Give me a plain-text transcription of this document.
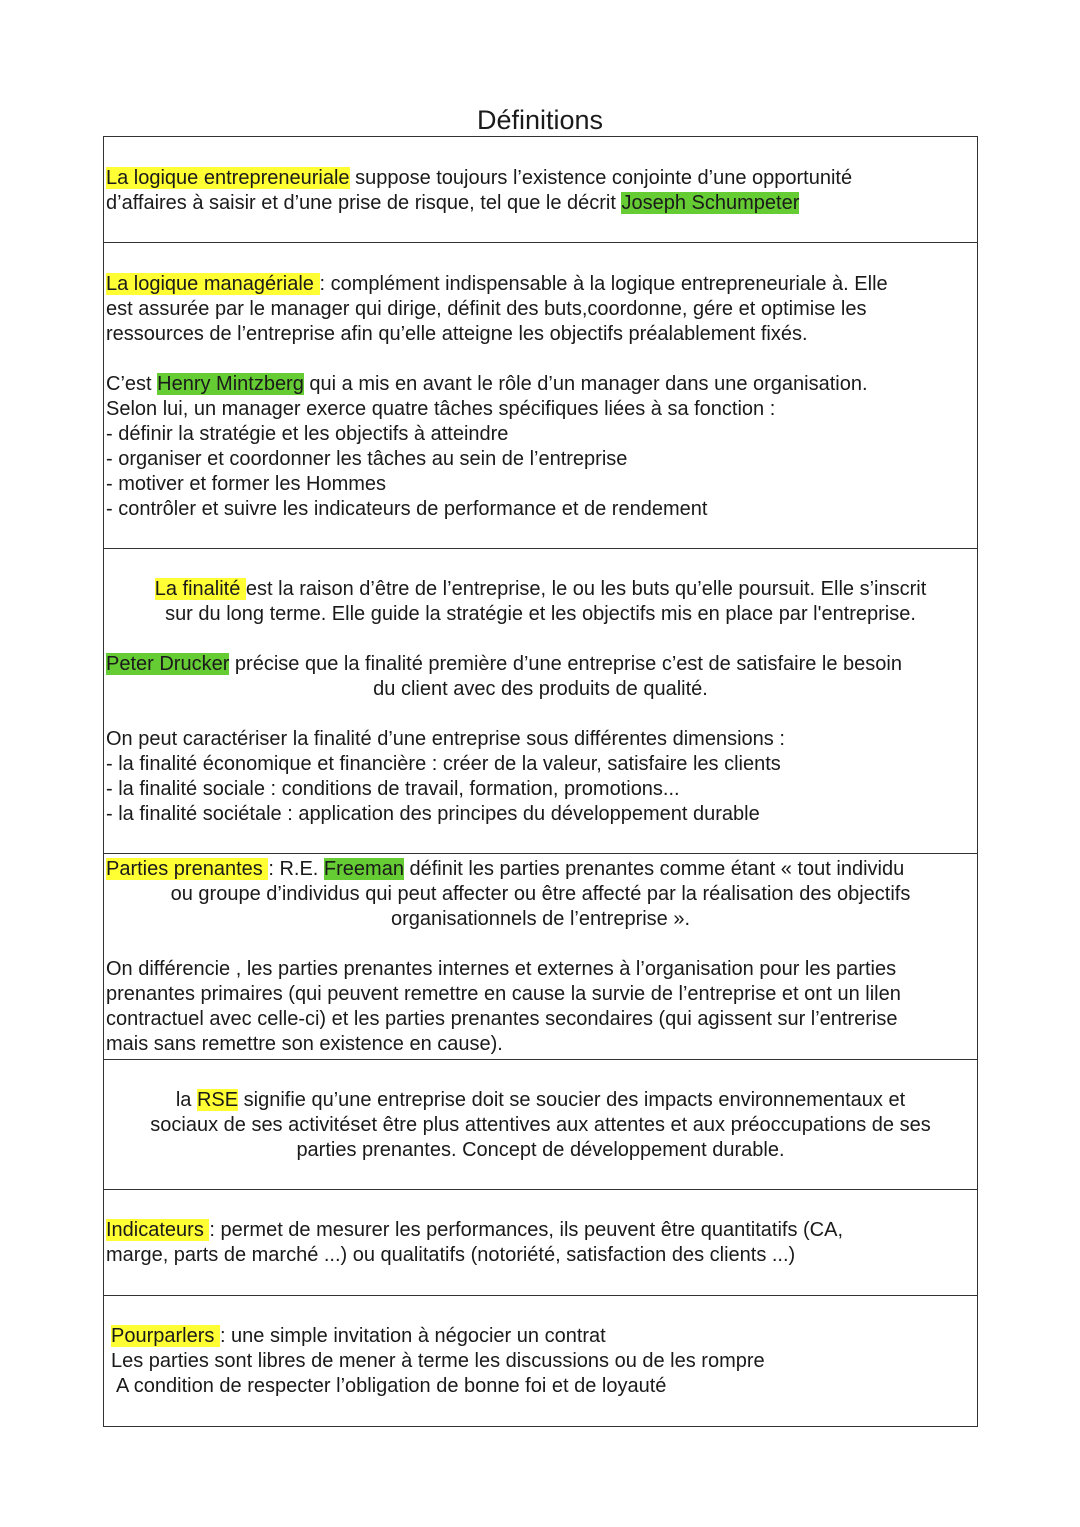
Définitions
La logique entrepreneuriale suppose toujours l’existence conjointe d’une opportunité
d’affaires à saisir et d’une prise de risque, tel que le décrit Joseph Schumpeter
La logique managériale : complément indispensable à la logique entrepreneuriale à. Elle
est assurée par le manager qui dirige, définit des buts,coordonne, gére et optimise les
ressources de l’entreprise afin qu’elle atteigne les objectifs préalablement fixés.
C’est Henry Mintzberg qui a mis en avant le rôle d’un manager dans une organisation.
Selon lui, un manager exerce quatre tâches spécifiques liées à sa fonction :
- définir la stratégie et les objectifs à atteindre
- organiser et coordonner les tâches au sein de l’entreprise
- motiver et former les Hommes
- contrôler et suivre les indicateurs de performance et de rendement
La finalité est la raison d’être de l’entreprise, le ou les buts qu’elle poursuit. Elle s’inscrit
sur du long terme. Elle guide la stratégie et les objectifs mis en place par l'entreprise.
Peter Drucker précise que la finalité première d’une entreprise c’est de satisfaire le besoin
du client avec des produits de qualité.
On peut caractériser la finalité d’une entreprise sous différentes dimensions :
- la finalité économique et financière : créer de la valeur, satisfaire les clients
- la finalité sociale : conditions de travail, formation, promotions...
- la finalité sociétale : application des principes du développement durable
Parties prenantes : R.E. Freeman définit les parties prenantes comme étant « tout individu
ou groupe d’individus qui peut affecter ou être affecté par la réalisation des objectifs
organisationnels de l’entreprise ».
On différencie , les parties prenantes internes et externes à l’organisation pour les parties
prenantes primaires (qui peuvent remettre en cause la survie de l’entreprise et ont un lilen
contractuel avec celle-ci) et les parties prenantes secondaires (qui agissent sur l’entrerise
mais sans remettre son existence en cause).
la RSE signifie qu’une entreprise doit se soucier des impacts environnementaux et
sociaux de ses activitéset être plus attentives aux attentes et aux préoccupations de ses
parties prenantes. Concept de développement durable.
Indicateurs : permet de mesurer les performances, ils peuvent être quantitatifs (CA,
marge, parts de marché ...) ou qualitatifs (notoriété, satisfaction des clients ...)
Pourparlers : une simple invitation à négocier un contrat
Les parties sont libres de mener à terme les discussions ou de les rompre
A condition de respecter l’obligation de bonne foi et de loyauté
